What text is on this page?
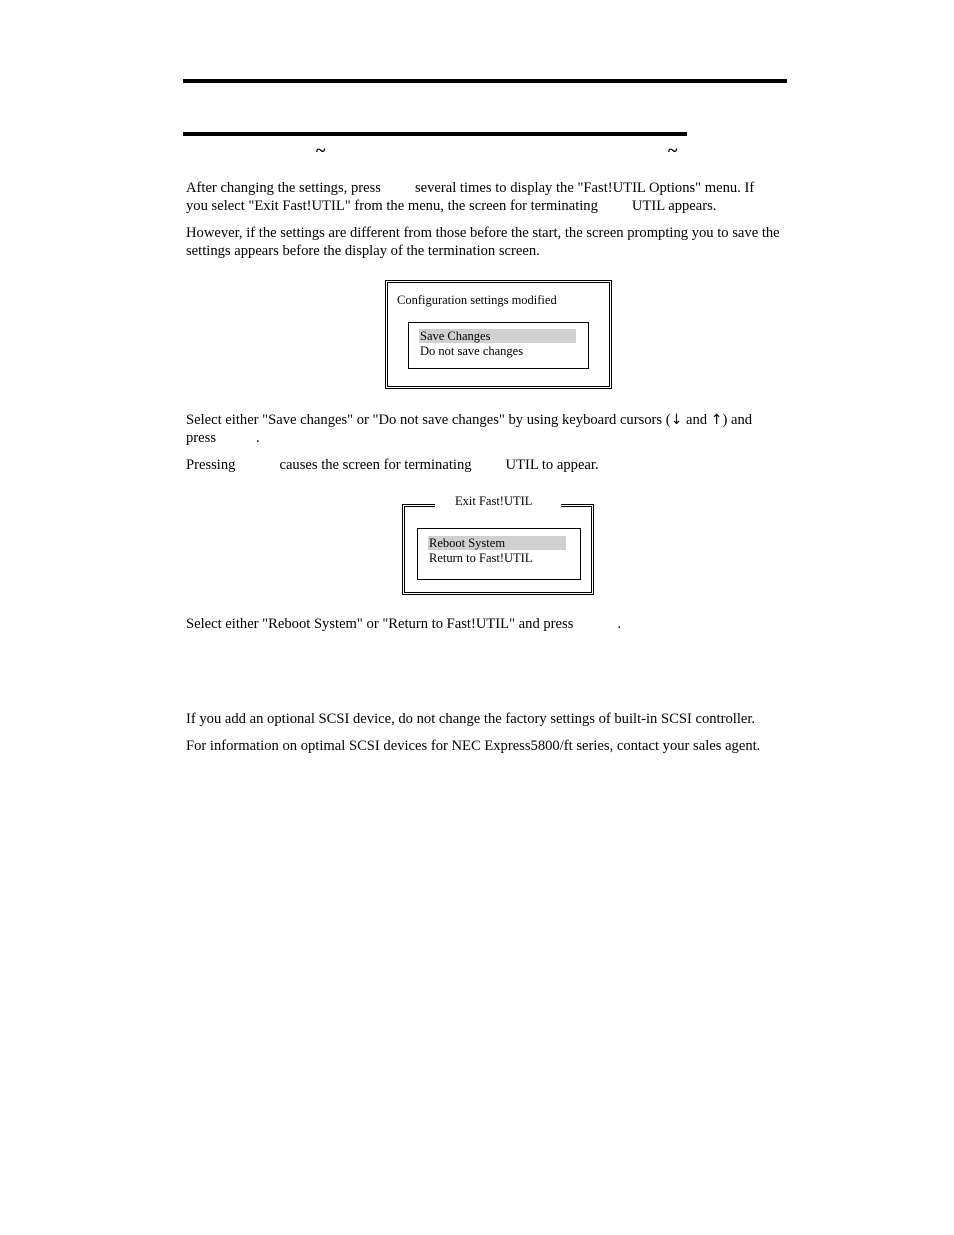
~	~
After changing the settings, press several times to display the "Fast!UTIL Options" menu. If
you select "Exit Fast!UTIL" from the menu, the screen for terminating UTIL appears.

However, if the settings are different from those before the start, the screen prompting you to save the settings appears before the display of the termination screen.

Configuration settings modified
Save Changes
Do not save changes
Select either "Save changes" or "Do not save changes" by using keyboard cursors (↓ and ↑) and
press	.
Pressing	causes the screen for terminating UTIL to appear.
Exit Fast!UTIL
Reboot System
Return to Fast!UTIL
Select either "Reboot System" or "Return to Fast!UTIL" and press	.
If you add an optional SCSI device, do not change the factory settings of built-in SCSI controller.
For information on optimal SCSI devices for NEC Express5800/ft series, contact your sales agent.
